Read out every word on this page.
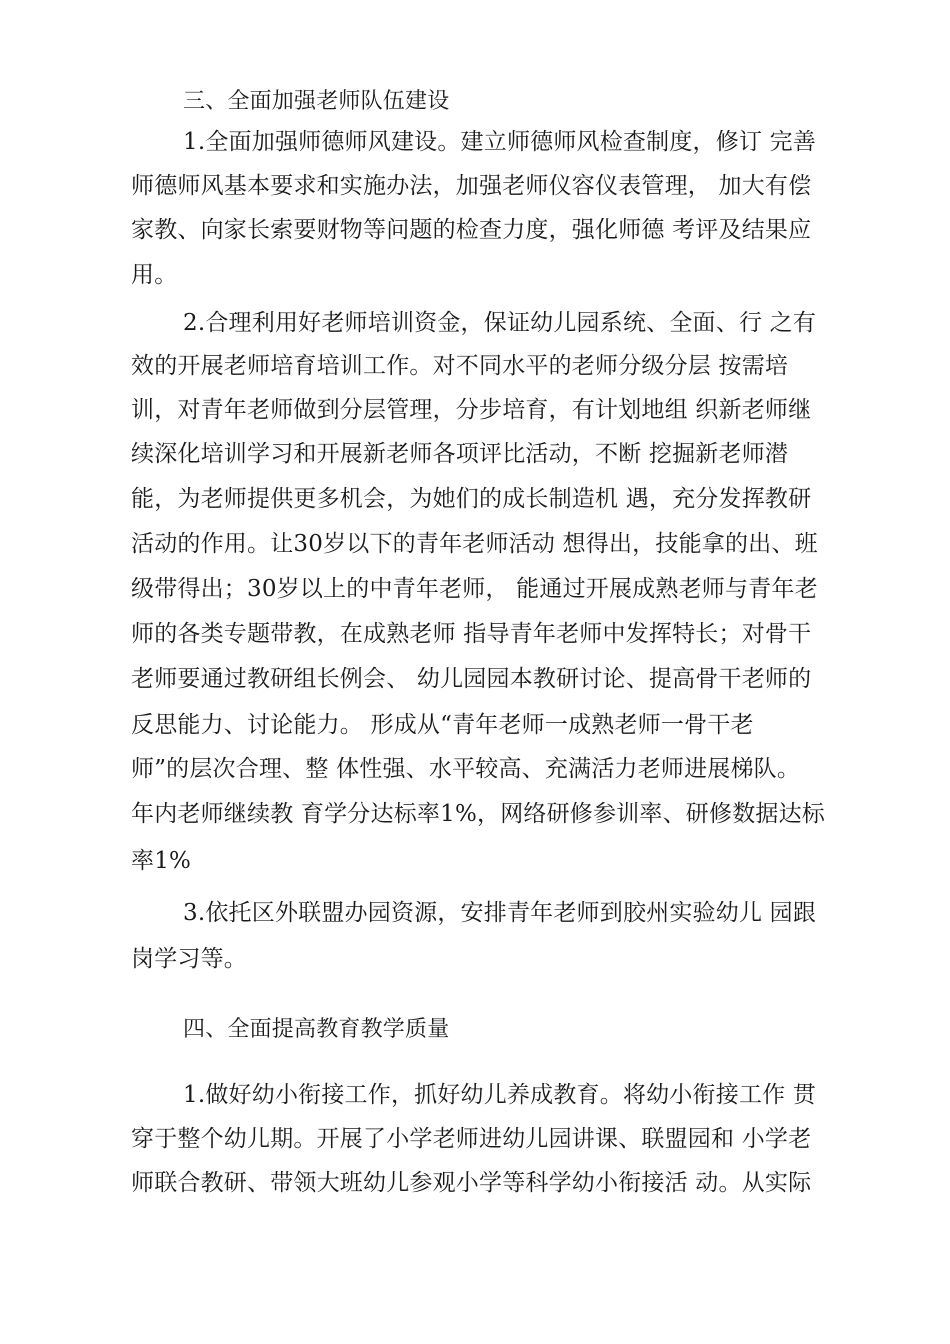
三、全面加强老师队伍建设

1.全面加强师德师风建设。建立师德师风检查制度，修订 完善

师德师风基本要求和实施办法，加强老师仪容仪表管理， 加大有偿

家教、向家长索要财物等问题的检查力度，强化师德 考评及结果应

用。

2.合理利用好老师培训资金，保证幼儿园系统、全面、行 之有

效的开展老师培育培训工作。对不同水平的老师分级分层 按需培

训，对青年老师做到分层管理，分步培育，有计划地组 织新老师继

续深化培训学习和开展新老师各项评比活动，不断 挖掘新老师潜

能，为老师提供更多机会，为她们的成长制造机 遇，充分发挥教研

活动的作用。让30岁以下的青年老师活动 想得出，技能拿的出、班

级带得出；30岁以上的中青年老师， 能通过开展成熟老师与青年老

师的各类专题带教，在成熟老师 指导青年老师中发挥特长；对骨干

老师要通过教研组长例会、 幼儿园园本教研讨论、提高骨干老师的

反思能力、讨论能力。 形成从“青年老师一成熟老师一骨干老

师”的层次合理、整 体性强、水平较高、充满活力老师进展梯队。

年内老师继续教 育学分达标率1%，网络研修参训率、研修数据达标

率1%

3.依托区外联盟办园资源，安排青年老师到胶州实验幼儿 园跟

岗学习等。

四、全面提高教育教学质量

1.做好幼小衔接工作，抓好幼儿养成教育。将幼小衔接工作 贯

穿于整个幼儿期。开展了小学老师进幼儿园讲课、联盟园和 小学老

师联合教研、带领大班幼儿参观小学等科学幼小衔接活 动。从实际
